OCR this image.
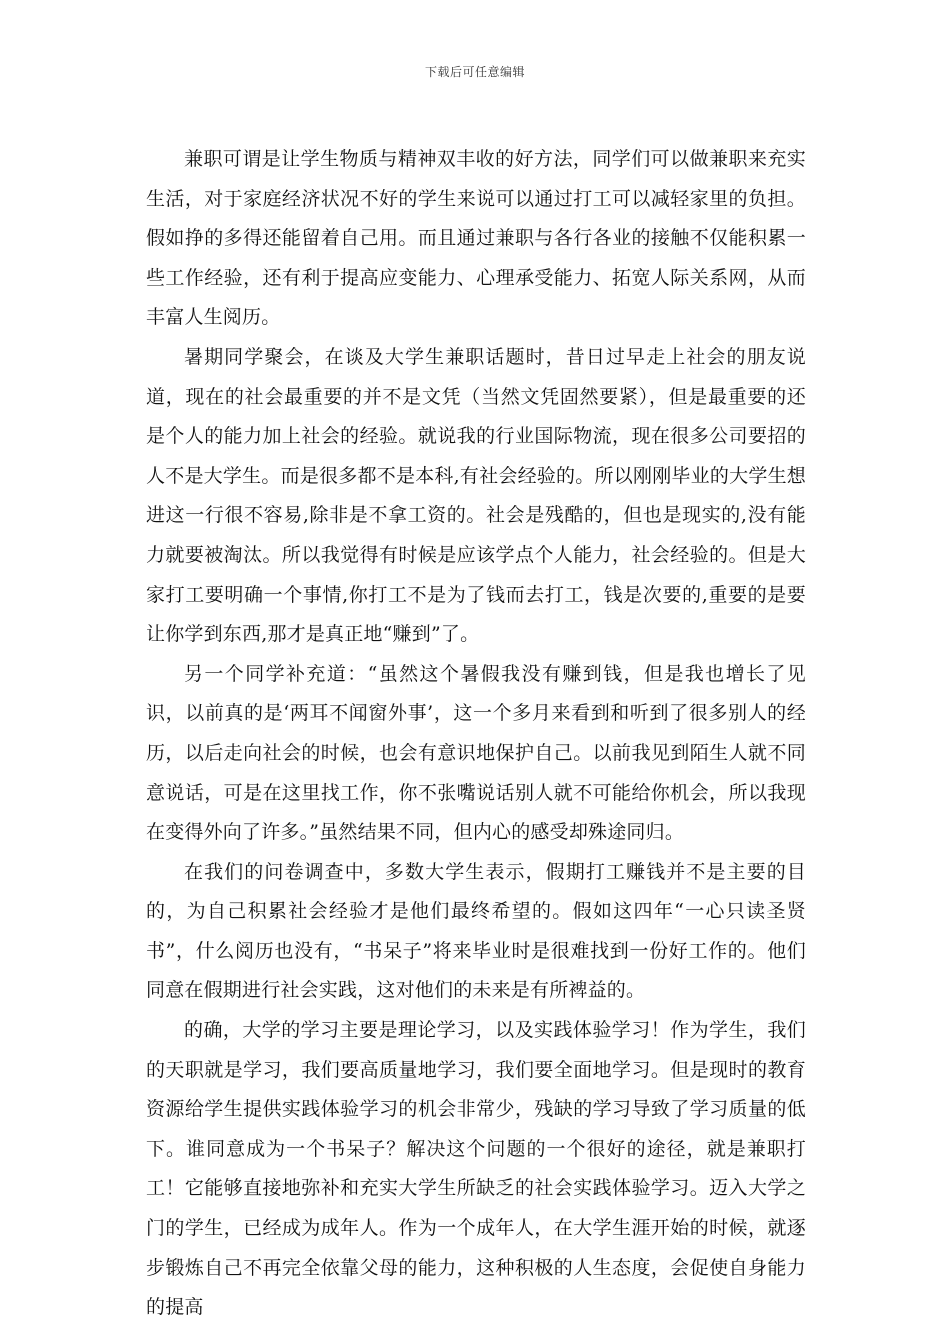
下载后可任意编辑

兼职可谓是让学生物质与精神双丰收的好方法，同学们可以做兼职来充实生活，对于家庭经济状况不好的学生来说可以通过打工可以减轻家里的负担。假如挣的多得还能留着自己用。而且通过兼职与各行各业的接触不仅能积累一些工作经验，还有利于提高应变能力、心理承受能力、拓宽人际关系网，从而丰富人生阅历。

暑期同学聚会，在谈及大学生兼职话题时，昔日过早走上社会的朋友说道，现在的社会最重要的并不是文凭（当然文凭固然要紧），但是最重要的还是个人的能力加上社会的经验。就说我的行业国际物流，现在很多公司要招的人不是大学生。而是很多都不是本科,有社会经验的。所以刚刚毕业的大学生想进这一行很不容易,除非是不拿工资的。社会是残酷的，但也是现实的,没有能力就要被淘汰。所以我觉得有时候是应该学点个人能力，社会经验的。但是大家打工要明确一个事情,你打工不是为了钱而去打工，钱是次要的,重要的是要让你学到东西,那才是真正地“赚到”了。

另一个同学补充道：“虽然这个暑假我没有赚到钱，但是我也增长了见识，以前真的是‘两耳不闻窗外事’，这一个多月来看到和听到了很多别人的经历，以后走向社会的时候，也会有意识地保护自己。以前我见到陌生人就不同意说话，可是在这里找工作，你不张嘴说话别人就不可能给你机会，所以我现在变得外向了许多。”虽然结果不同，但内心的感受却殊途同归。

在我们的问卷调查中，多数大学生表示，假期打工赚钱并不是主要的目的，为自己积累社会经验才是他们最终希望的。假如这四年“一心只读圣贤书”，什么阅历也没有，“书呆子”将来毕业时是很难找到一份好工作的。他们同意在假期进行社会实践，这对他们的未来是有所裨益的。

的确，大学的学习主要是理论学习，以及实践体验学习！作为学生，我们的天职就是学习，我们要高质量地学习，我们要全面地学习。但是现时的教育资源给学生提供实践体验学习的机会非常少，残缺的学习导致了学习质量的低下。谁同意成为一个书呆子？解决这个问题的一个很好的途径，就是兼职打工！它能够直接地弥补和充实大学生所缺乏的社会实践体验学习。迈入大学之门的学生，已经成为成年人。作为一个成年人，在大学生涯开始的时候，就逐步锻炼自己不再完全依靠父母的能力，这种积极的人生态度，会促使自身能力的提高
